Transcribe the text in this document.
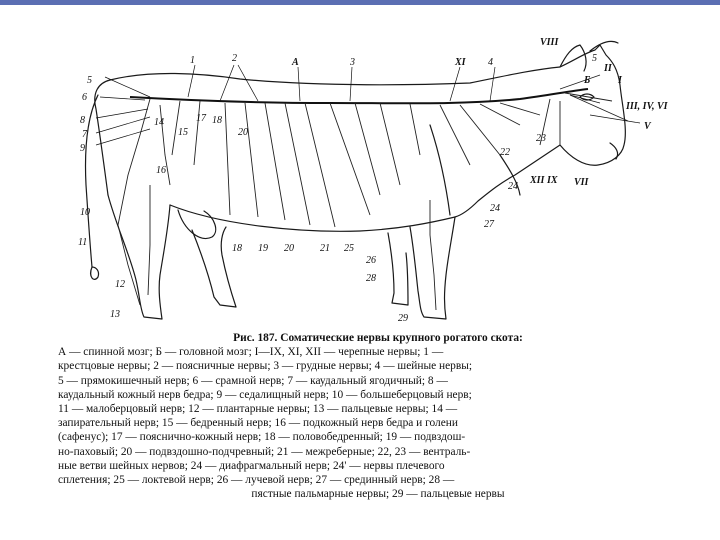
1	2	А	3	XI 4
VIII
5
II
I
5
6
8
7
9
10
11
12
13
III, IV, VI
V
XII IX VII
22
23
24
24
27
26
28
29
18 19 20	21 25
Б
17 18
20
14
15
16
Рис. 187. Соматические нервы крупного рогатого скота:
А — спинной мозг; Б — головной мозг; I—IX, XI, XII — черепные нервы; 1 —
крестцовые нервы; 2 — поясничные нервы; 3 — грудные нервы; 4 — шейные нервы;
5 — прямокишечный нерв; 6 — срамной нерв; 7 — каудальный ягодичный; 8 —
каудальный кожный нерв бедра; 9 — седалищный нерв; 10 — большеберцовый нерв;
11 — малоберцовый нерв; 12 — плантарные нервы; 13 — пальцевые нервы; 14 —
запирательный нерв; 15 — бедренный нерв; 16 — подкожный нерв бедра и голени
(сафенус); 17 — пояснично-кожный нерв; 18 — половобедренный; 19 — подвздош-
но-паховый; 20 — подвздошно-подчревный; 21 — межреберные; 22, 23 — вентраль-
ные ветви шейных нервов; 24 — диафрагмальный нерв; 24' — нервы плечевого
сплетения; 25 — локтевой нерв; 26 — лучевой нерв; 27 — срединный нерв; 28 —
пястные пальмарные нервы; 29 — пальцевые нервы
